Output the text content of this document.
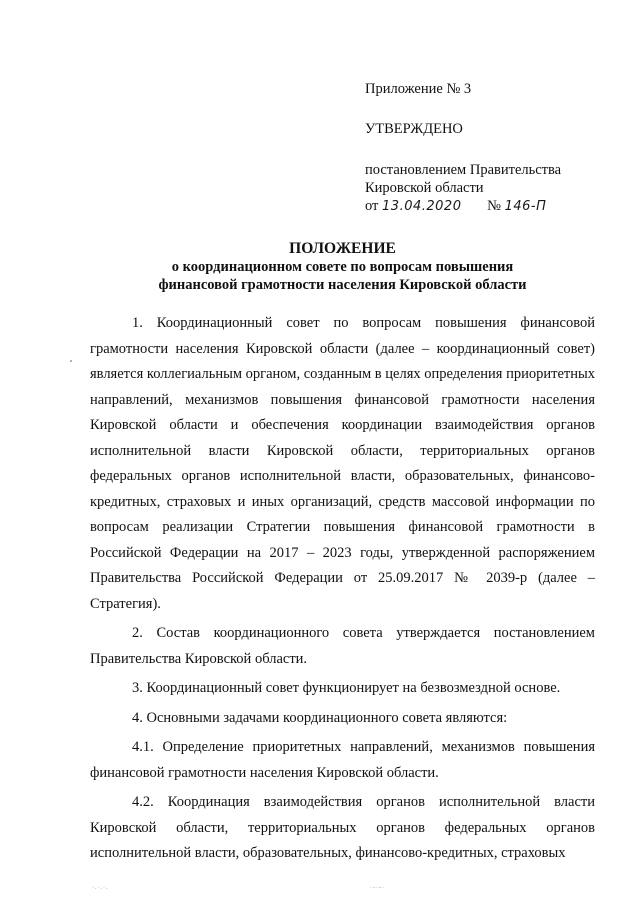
Приложение № 3
УТВЕРЖДЕНО
постановлением Правительства
Кировской области
от 13.04.2020 № 146-П
ПОЛОЖЕНИЕ
о координационном совете по вопросам повышения
финансовой грамотности населения Кировской области

1. Координационный совет по вопросам повышения финансовой грамотности населения Кировской области (далее – координационный совет) является коллегиальным органом, созданным в целях определения приоритетных направлений, механизмов повышения финансовой грамотности населения Кировской области и обеспечения координации взаимодействия органов исполнительной власти Кировской области, территориальных органов федеральных органов исполнительной власти, образовательных, финансово-кредитных, страховых и иных организаций, средств массовой информации по вопросам реализации Стратегии повышения финансовой грамотности в Российской Федерации на 2017 – 2023 годы, утвержденной распоряжением Правительства Российской Федерации от 25.09.2017 № 2039-р (далее – Стратегия).

2. Состав координационного совета утверждается постановлением Правительства Кировской области.

3. Координационный совет функционирует на безвозмездной основе.

4. Основными задачами координационного совета являются:

4.1. Определение приоритетных направлений, механизмов повышения финансовой грамотности населения Кировской области.

4.2. Координация взаимодействия органов исполнительной власти Кировской области, территориальных органов федеральных органов исполнительной власти, образовательных, финансово-кредитных, страховых

·.·.·.	·-·-·
